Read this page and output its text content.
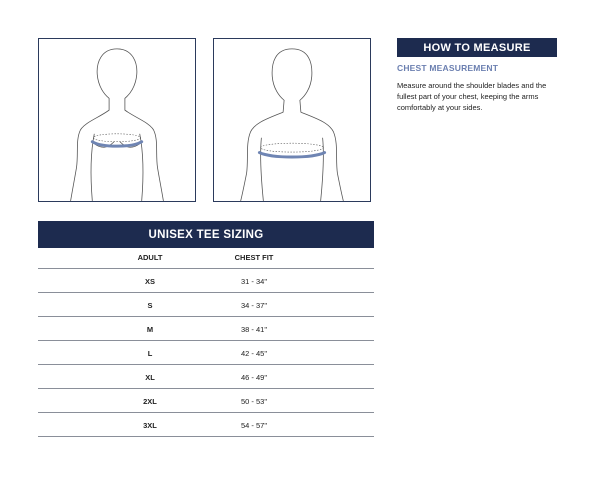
HOW TO MEASURE
CHEST MEASUREMENT
Measure around the shoulder blades and the fullest part of your chest, keeping the arms comfortably at your sides.
UNISEX TEE SIZING
ADULT	CHEST FIT
XS	31 - 34"
S	34 - 37"
M	38 - 41"
L	42 - 45"
XL	46 - 49"
2XL	50 - 53"
3XL	54 - 57"
